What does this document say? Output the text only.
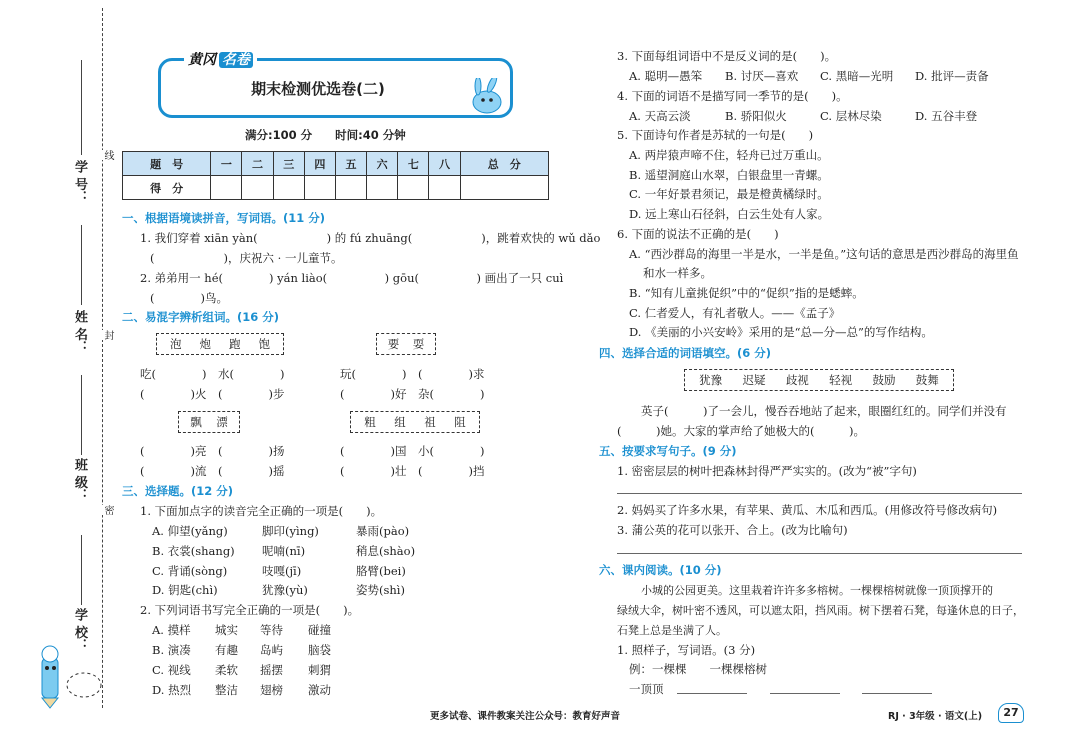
线
封
密
学 号：
姓 名：
班 级：
学 校：
黄冈 名卷
期末检测优选卷(二)
满分:100 分　　时间:40 分钟
题　号	一	二	三	四	五	六	七	八	总　分
得　分									
一、根据语境读拼音，写词语。(11 分)
1. 我们穿着 xiān yàn(　　　　　　) 的 fú zhuāng(　　　　　　)，跳着欢快的 wǔ dǎo
(　　　　　　)，庆祝六 · 一儿童节。
2. 弟弟用一 hé(　　　　) yán liào(　　　　　) gōu(　　　　　) 画出了一只 cuì
(　　　　)鸟。
二、易混字辨析组词。(16 分)
泡 炮 跑 饱	要 耍
吃(　　　　)　水(　　　　)	玩(　　　　)　(　　　　)求
(　　　　)火　(　　　　)步	(　　　　)好　杂(　　　　)
飘 漂	粗 组 祖 阻
(　　　　)亮　(　　　　)扬	(　　　　)国　小(　　　　)
(　　　　)流　(　　　　)摇	(　　　　)壮　(　　　　)挡
三、选择题。(12 分)
1. 下面加点字的读音完全正确的一项是(　　)。
A. 仰望(yǎng)	脚印(yìng)	暴雨(pào)
B. 衣裳(shang) 呢喃(nī)	稍息(shào)
C. 背诵(sòng)	吱嘎(jī)	胳臂(bei)
D. 钥匙(chì)	犹豫(yù)	姿势(shì)
2. 下列词语书写完全正确的一项是(　　)。
A. 摸样 城实 等待 碰撞
B. 演凑 有趣 岛屿 脑袋
C. 视线 柔软 摇摆 刺猬
D. 热烈 整洁 翅榜 激动
3. 下面每组词语中不是反义词的是(　　)。
A. 聪明—愚笨 B. 讨厌—喜欢 C. 黑暗—光明 D. 批评—责备
4. 下面的词语不是描写同一季节的是(　　)。
A. 天高云淡	B. 骄阳似火	C. 层林尽染	D. 五谷丰登
5. 下面诗句作者是苏轼的一句是(　　)
A. 两岸猿声啼不住，轻舟已过万重山。
B. 遥望洞庭山水翠，白银盘里一青螺。
C. 一年好景君须记，最是橙黄橘绿时。
D. 远上寒山石径斜，白云生处有人家。
6. 下面的说法不正确的是(　　)
A. “西沙群岛的海里一半是水，一半是鱼。”这句话的意思是西沙群岛的海里鱼
和水一样多。
B. “知有儿童挑促织”中的“促织”指的是蟋蟀。
C. 仁者爱人，有礼者敬人。——《孟子》
D. 《美丽的小兴安岭》采用的是“总—分—总”的写作结构。
四、选择合适的词语填空。(6 分)
犹豫 迟疑 歧视 轻视 鼓励 鼓舞
英子(　　　)了一会儿，慢吞吞地站了起来，眼圈红红的。同学们并没有
(　　　)她。大家的掌声给了她极大的(　　　)。
五、按要求写句子。(9 分)
1. 密密层层的树叶把森林封得严严实实的。(改为“被”字句)
2. 妈妈买了许多水果，有苹果、黄瓜、木瓜和西瓜。(用修改符号修改病句)
3. 蒲公英的花可以张开、合上。(改为比喻句)
六、课内阅读。(10 分)
小城的公园更美。这里栽着许许多多榕树。一棵棵榕树就像一顶顶撑开的
绿绒大伞，树叶密不透风，可以遮太阳，挡风雨。树下摆着石凳，每逢休息的日子，
石凳上总是坐满了人。
1. 照样子，写词语。(3 分)
例：一棵棵　　一棵棵榕树
一顶顶
更多试卷、课件教案关注公众号：教育好声音	RJ · 3年级 · 语文(上)	27
